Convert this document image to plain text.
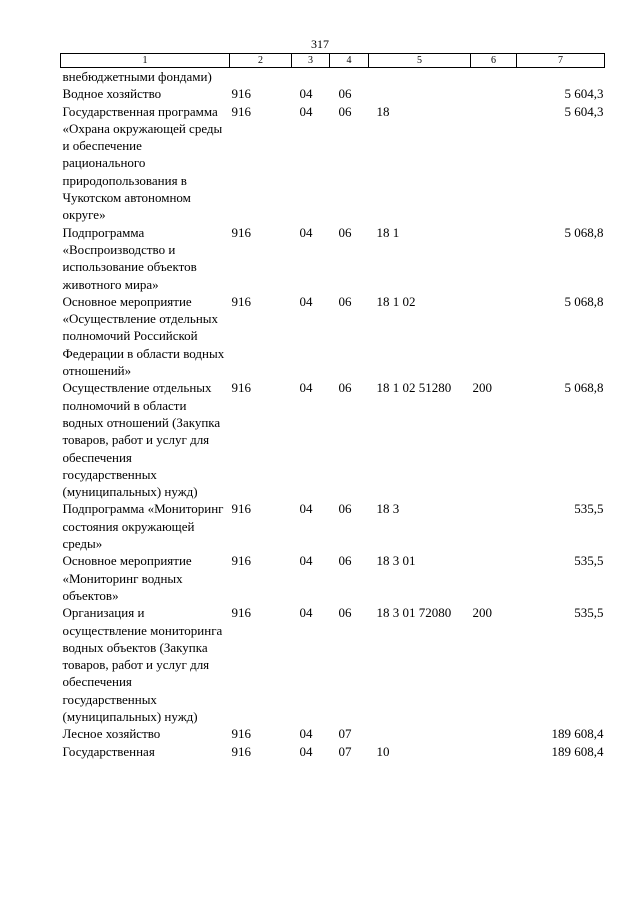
317
1	2	3	4	5	6	7
внебюджетными фондами)						
Водное хозяйство	916	04	06			5 604,3
Государственная программа «Охрана окружающей среды и обеспечение рационального природопользования в Чукотском автономном округе»	916	04	06	18		5 604,3
Подпрограмма «Воспроизводство и использование объектов животного мира»	916	04	06	18 1		5 068,8
Основное мероприятие «Осуществление отдельных полномочий Российской Федерации в области водных отношений»	916	04	06	18 1 02		5 068,8
Осуществление отдельных полномочий в области водных отношений (Закупка товаров, работ и услуг для обеспечения государственных (муниципальных) нужд)	916	04	06	18 1 02 51280	200	5 068,8
Подпрограмма «Мониторинг состояния окружающей среды»	916	04	06	18 3		535,5
Основное мероприятие «Мониторинг водных объектов»	916	04	06	18 3 01		535,5
Организация и осуществление мониторинга водных объектов (Закупка товаров, работ и услуг для обеспечения государственных (муниципальных) нужд)	916	04	06	18 3 01 72080	200	535,5
Лесное хозяйство	916	04	07			189 608,4
Государственная	916	04	07	10		189 608,4
